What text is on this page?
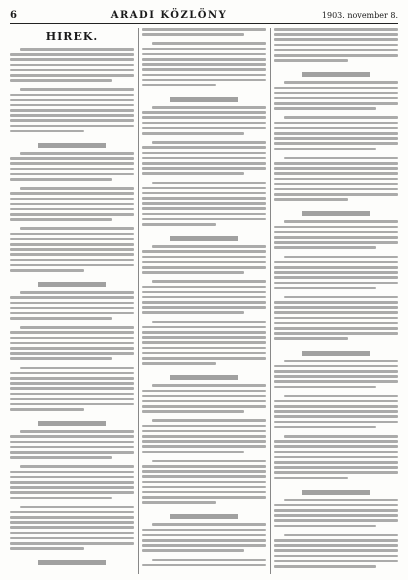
6	ARADI KÖZLÖNY	1903. november 8.
HIREK.
